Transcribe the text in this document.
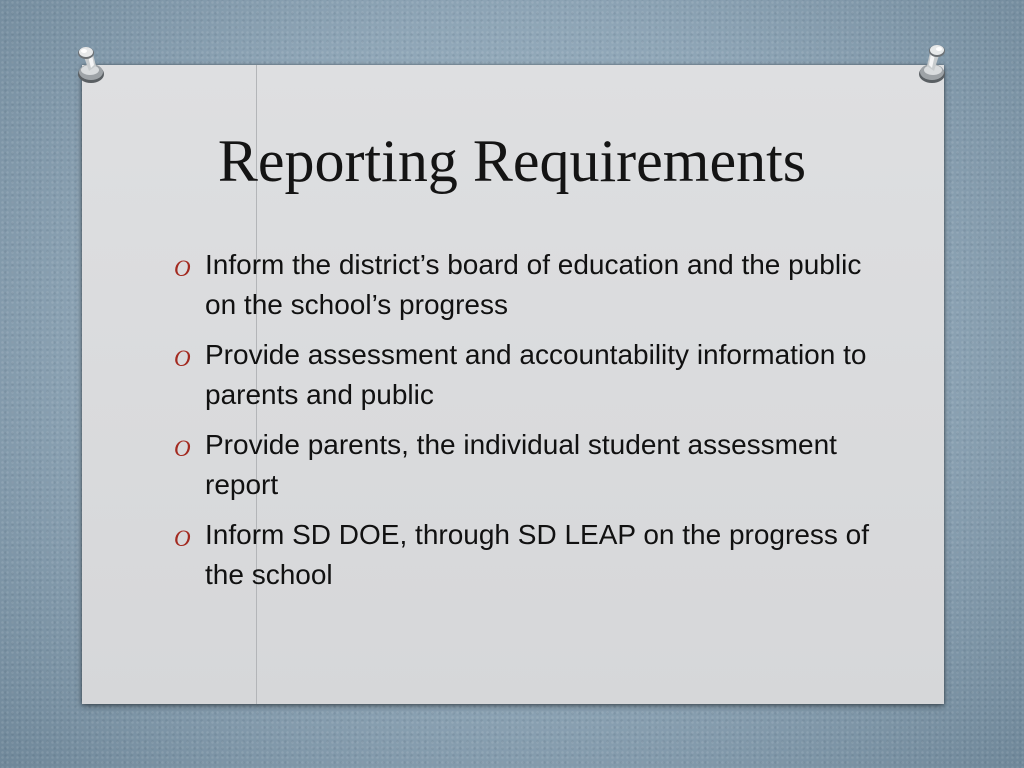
Reporting Requirements
O Inform the district’s board of education and the public on the school’s progress
O Provide assessment and accountability information to parents and public
O Provide parents, the individual student assessment report
O Inform SD DOE, through SD LEAP on the progress of the school
